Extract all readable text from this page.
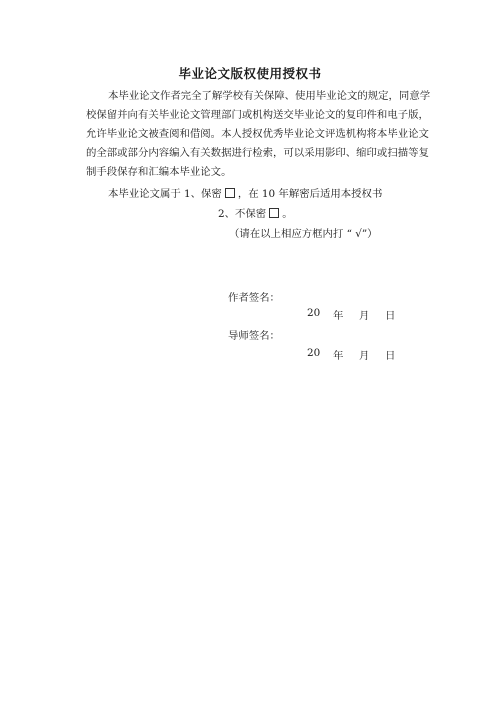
毕业论文版权使用授权书
本毕业论文作者完全了解学校有关保障、使用毕业论文的规定，同意学
校保留并向有关毕业论文管理部门或机构送交毕业论文的复印件和电子版，
允许毕业论文被查阅和借阅。本人授权优秀毕业论文评选机构将本毕业论文
的全部或部分内容编入有关数据进行检索，可以采用影印、缩印或扫描等复
制手段保存和汇编本毕业论文。
本毕业论文属于 1、保密 ，在 10 年解密后适用本授权书
2、不保密 。
（请在以上相应方框内打 “ √”）
作者签名：
20	年	月	日
导师签名：
20	年	月	日
